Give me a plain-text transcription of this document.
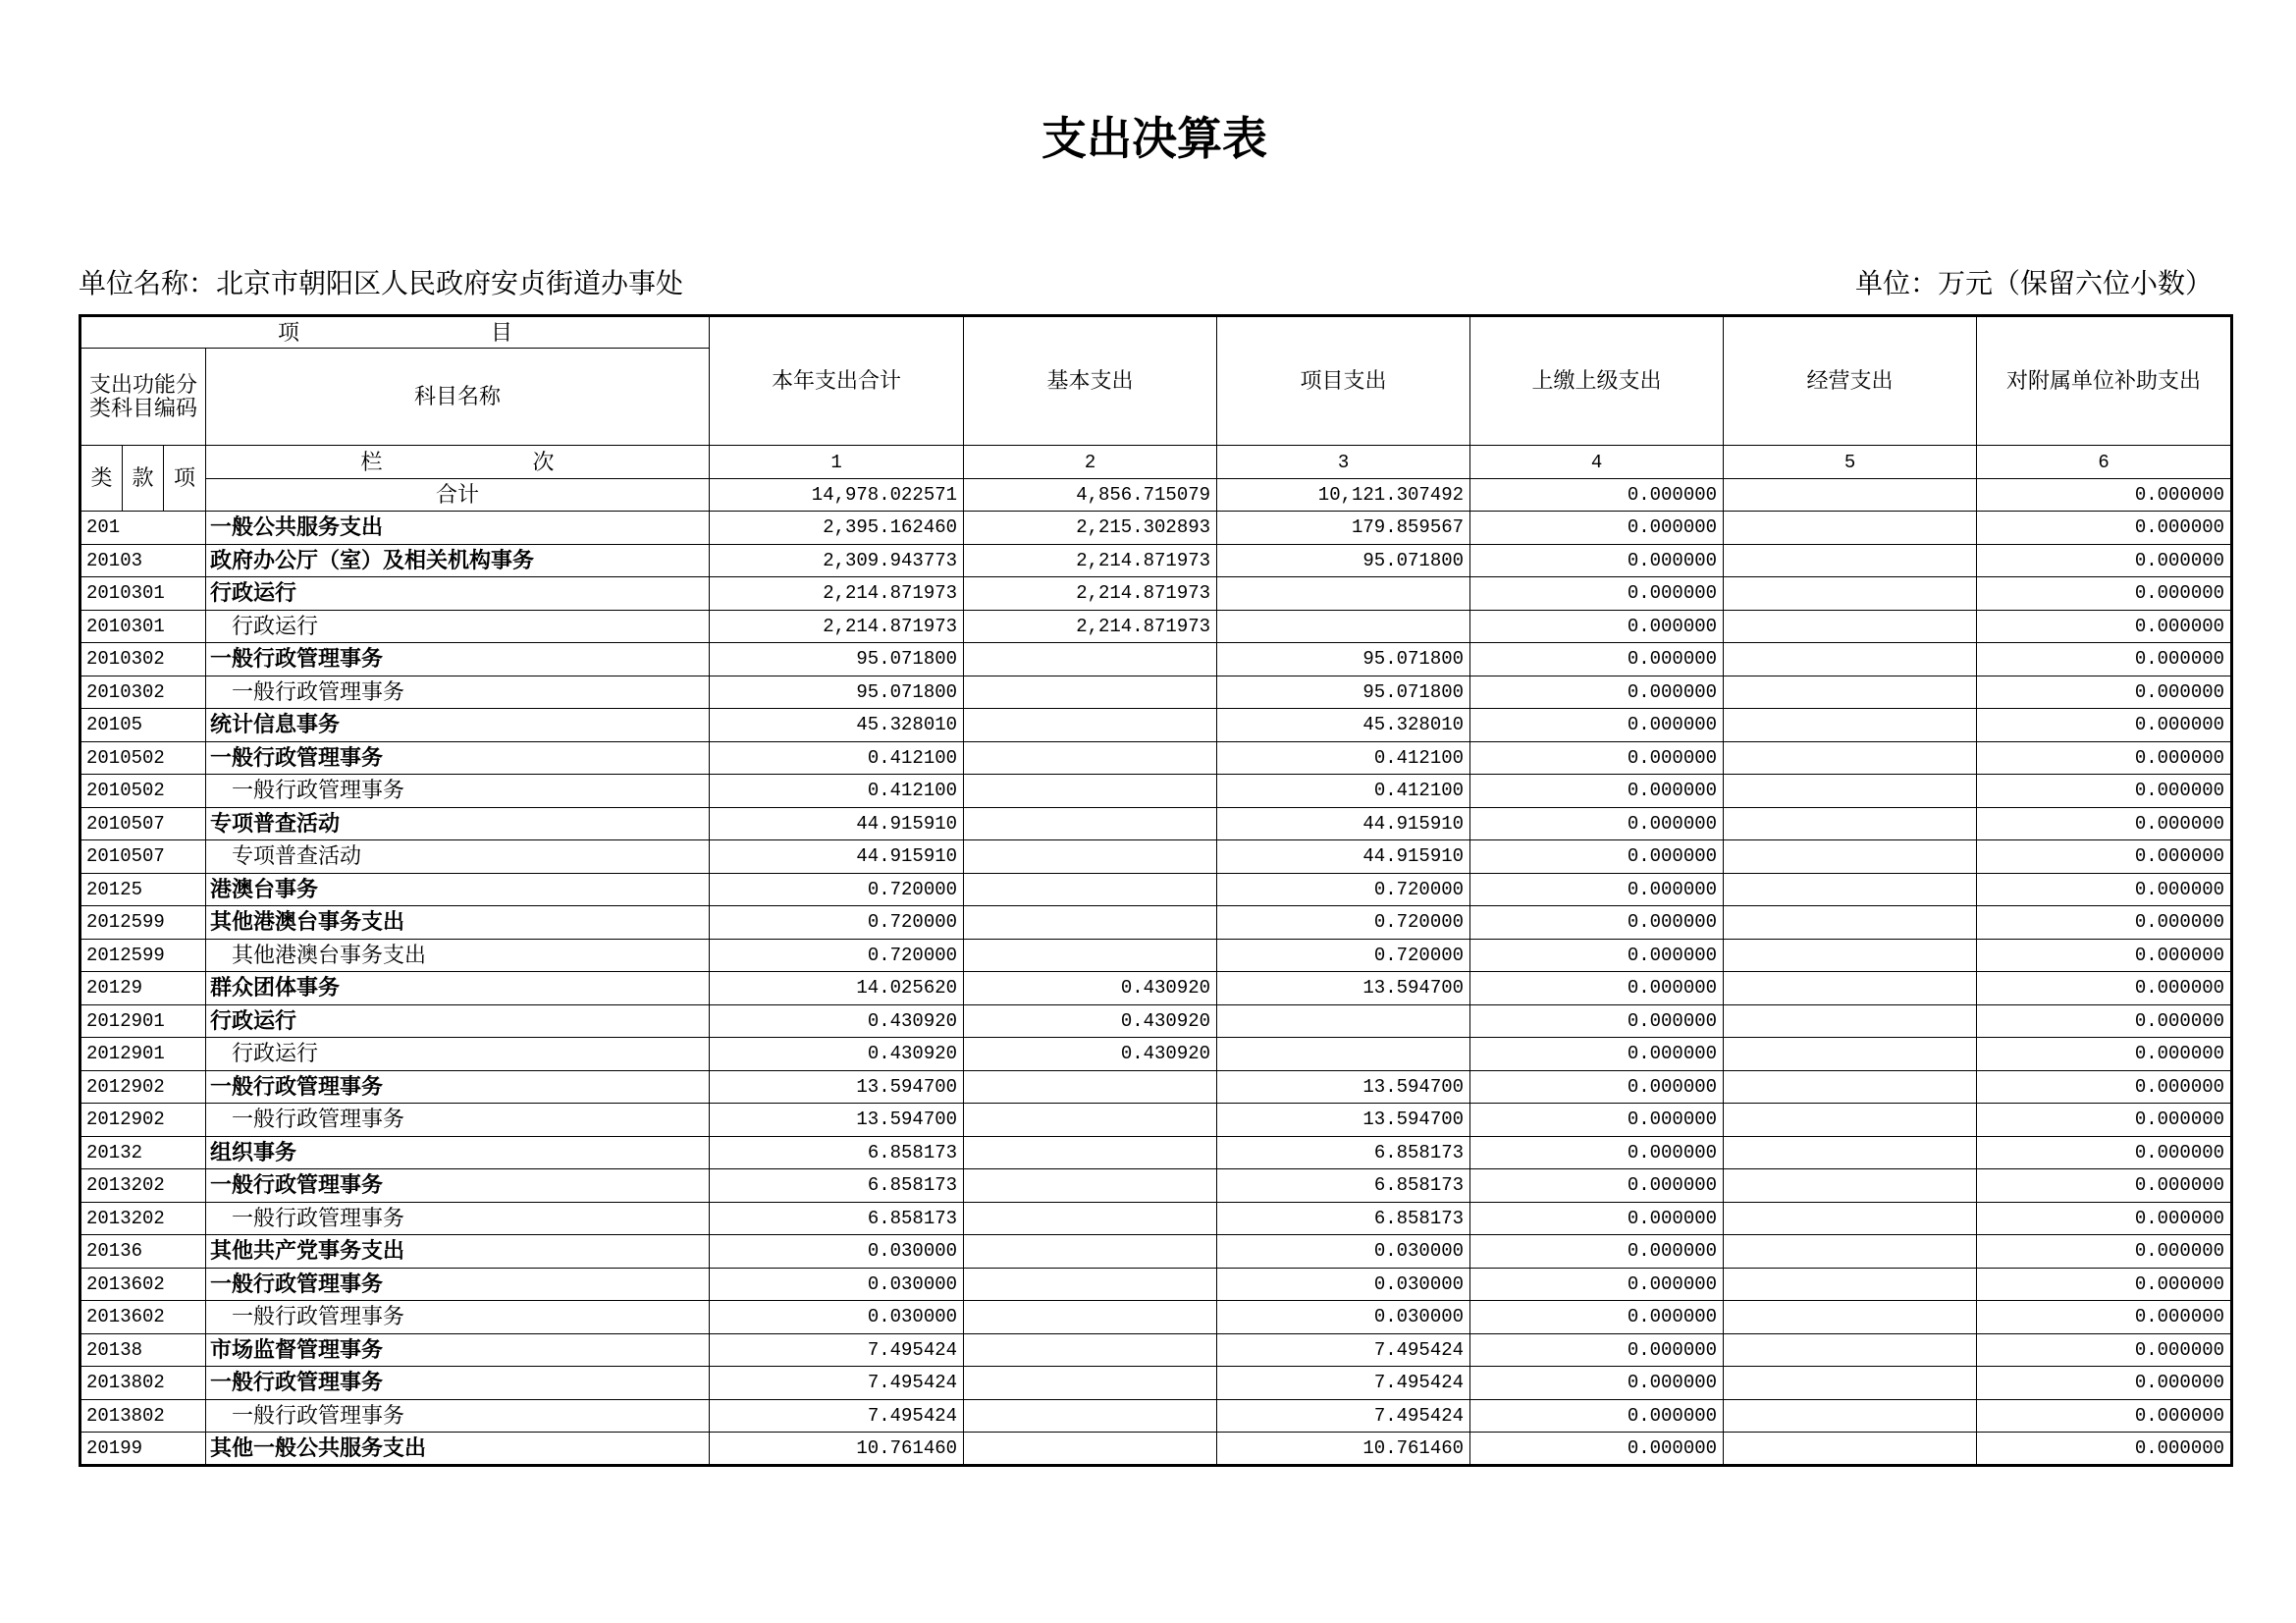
支出决算表
单位名称：北京市朝阳区人民政府安贞街道办事处	单位：万元（保留六位小数）
项 目				本年支出合计	基本支出	项目支出	上缴上级支出	经营支出	对附属单位补助支出
支出功能分类科目编码			科目名称						
类	款	项	栏 次	1	2	3	4	5	6
			合计	14,978.022571	4,856.715079	10,121.307492	0.000000		0.000000
201			一般公共服务支出	2,395.162460	2,215.302893	179.859567	0.000000		0.000000
20103			政府办公厅（室）及相关机构事务	2,309.943773	2,214.871973	95.071800	0.000000		0.000000
2010301			行政运行	2,214.871973	2,214.871973		0.000000		0.000000
2010301			行政运行	2,214.871973	2,214.871973		0.000000		0.000000
2010302			一般行政管理事务	95.071800		95.071800	0.000000		0.000000
2010302			一般行政管理事务	95.071800		95.071800	0.000000		0.000000
20105			统计信息事务	45.328010		45.328010	0.000000		0.000000
2010502			一般行政管理事务	0.412100		0.412100	0.000000		0.000000
2010502			一般行政管理事务	0.412100		0.412100	0.000000		0.000000
2010507			专项普查活动	44.915910		44.915910	0.000000		0.000000
2010507			专项普查活动	44.915910		44.915910	0.000000		0.000000
20125			港澳台事务	0.720000		0.720000	0.000000		0.000000
2012599			其他港澳台事务支出	0.720000		0.720000	0.000000		0.000000
2012599			其他港澳台事务支出	0.720000		0.720000	0.000000		0.000000
20129			群众团体事务	14.025620	0.430920	13.594700	0.000000		0.000000
2012901			行政运行	0.430920	0.430920		0.000000		0.000000
2012901			行政运行	0.430920	0.430920		0.000000		0.000000
2012902			一般行政管理事务	13.594700		13.594700	0.000000		0.000000
2012902			一般行政管理事务	13.594700		13.594700	0.000000		0.000000
20132			组织事务	6.858173		6.858173	0.000000		0.000000
2013202			一般行政管理事务	6.858173		6.858173	0.000000		0.000000
2013202			一般行政管理事务	6.858173		6.858173	0.000000		0.000000
20136			其他共产党事务支出	0.030000		0.030000	0.000000		0.000000
2013602			一般行政管理事务	0.030000		0.030000	0.000000		0.000000
2013602			一般行政管理事务	0.030000		0.030000	0.000000		0.000000
20138			市场监督管理事务	7.495424		7.495424	0.000000		0.000000
2013802			一般行政管理事务	7.495424		7.495424	0.000000		0.000000
2013802			一般行政管理事务	7.495424		7.495424	0.000000		0.000000
20199			其他一般公共服务支出	10.761460		10.761460	0.000000		0.000000
